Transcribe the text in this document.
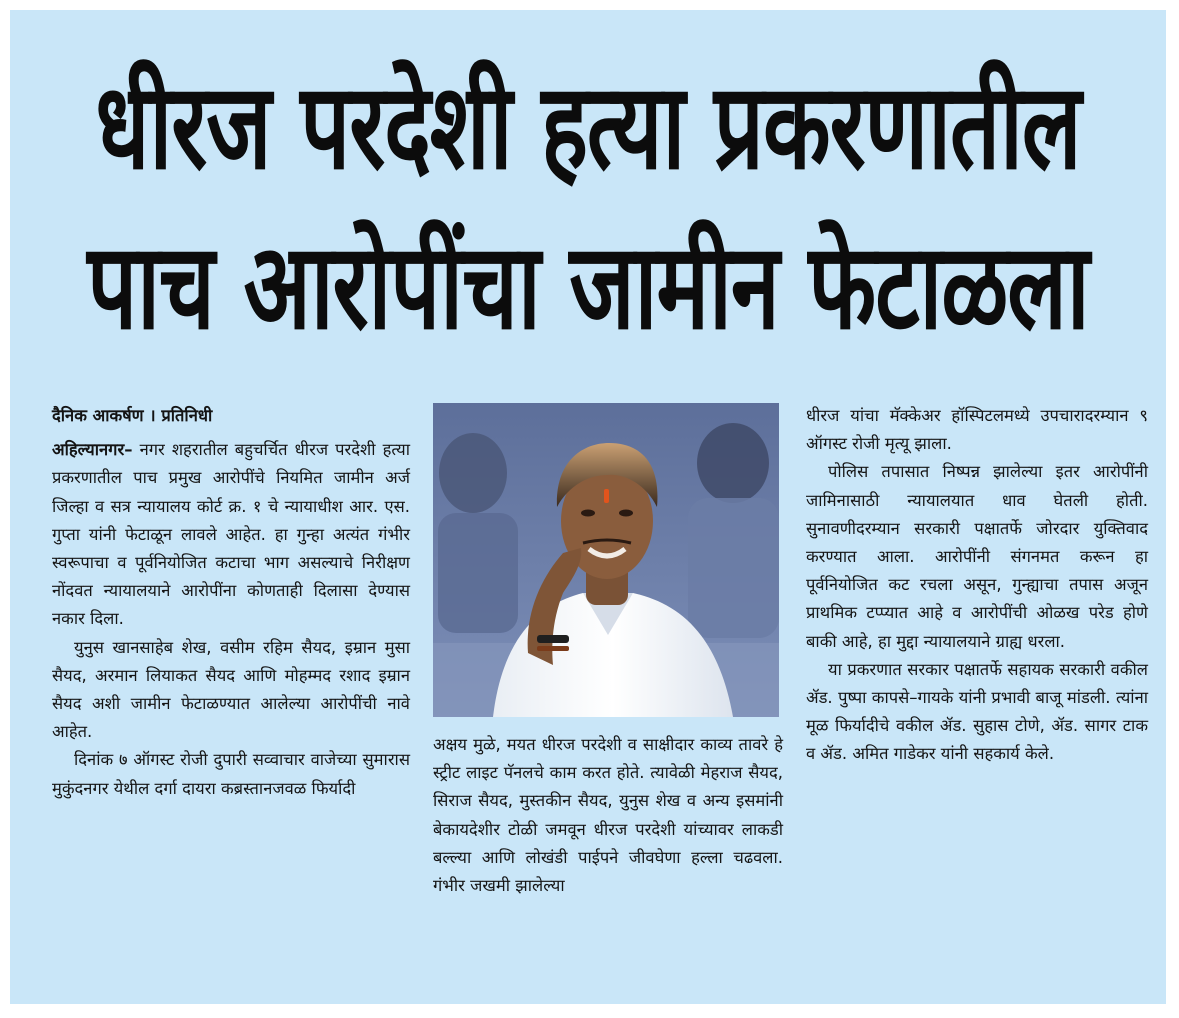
धीरज परदेशी हत्या प्रकरणातील
पाच आरोपींचा जामीन फेटाळला

दैनिक आकर्षण । प्रतिनिधी

अहिल्यानगर– नगर शहरातील बहुचर्चित धीरज परदेशी हत्या प्रकरणातील पाच प्रमुख आरोपींचे नियमित जामीन अर्ज जिल्हा व सत्र न्यायालय कोर्ट क्र. १ चे न्यायाधीश आर. एस. गुप्ता यांनी फेटाळून लावले आहेत. हा गुन्हा अत्यंत गंभीर स्वरूपाचा व पूर्वनियोजित कटाचा भाग असल्याचे निरीक्षण नोंदवत न्यायालयाने आरोपींना कोणताही दिलासा देण्यास नकार दिला.

युनुस खानसाहेब शेख, वसीम रहिम सैयद, इम्रान मुसा सैयद, अरमान लियाकत सैयद आणि मोहम्मद रशाद इम्रान सैयद अशी जामीन फेटाळण्यात आलेल्या आरोपींची नावे आहेत.

दिनांक ७ ऑगस्ट रोजी दुपारी सव्वाचार वाजेच्या सुमारास मुकुंदनगर येथील दर्गा दायरा कब्रस्तानजवळ फिर्यादी

अक्षय मुळे, मयत धीरज परदेशी व साक्षीदार काव्य तावरे हे स्ट्रीट लाइट पॅनलचे काम करत होते. त्यावेळी मेहराज सैयद, सिराज सैयद, मुस्तकीन सैयद, युनुस शेख व अन्य इसमांनी बेकायदेशीर टोळी जमवून धीरज परदेशी यांच्यावर लाकडी बल्ल्या आणि लोखंडी पाईपने जीवघेणा हल्ला चढवला. गंभीर जखमी झालेल्या

धीरज यांचा मॅक्केअर हॉस्पिटलमध्ये उपचारादरम्यान ९ ऑगस्ट रोजी मृत्यू झाला.

पोलिस तपासात निष्पन्न झालेल्या इतर आरोपींनी जामिनासाठी न्यायालयात धाव घेतली होती. सुनावणीदरम्यान सरकारी पक्षातर्फे जोरदार युक्तिवाद करण्यात आला. आरोपींनी संगनमत करून हा पूर्वनियोजित कट रचला असून, गुन्ह्याचा तपास अजून प्राथमिक टप्प्यात आहे व आरोपींची ओळख परेड होणे बाकी आहे, हा मुद्दा न्यायालयाने ग्राह्य धरला.

या प्रकरणात सरकार पक्षातर्फे सहायक सरकारी वकील ॲड. पुष्पा कापसे–गायके यांनी प्रभावी बाजू मांडली. त्यांना मूळ फिर्यादीचे वकील ॲड. सुहास टोणे, ॲड. सागर टाक व ॲड. अमित गाडेकर यांनी सहकार्य केले.
